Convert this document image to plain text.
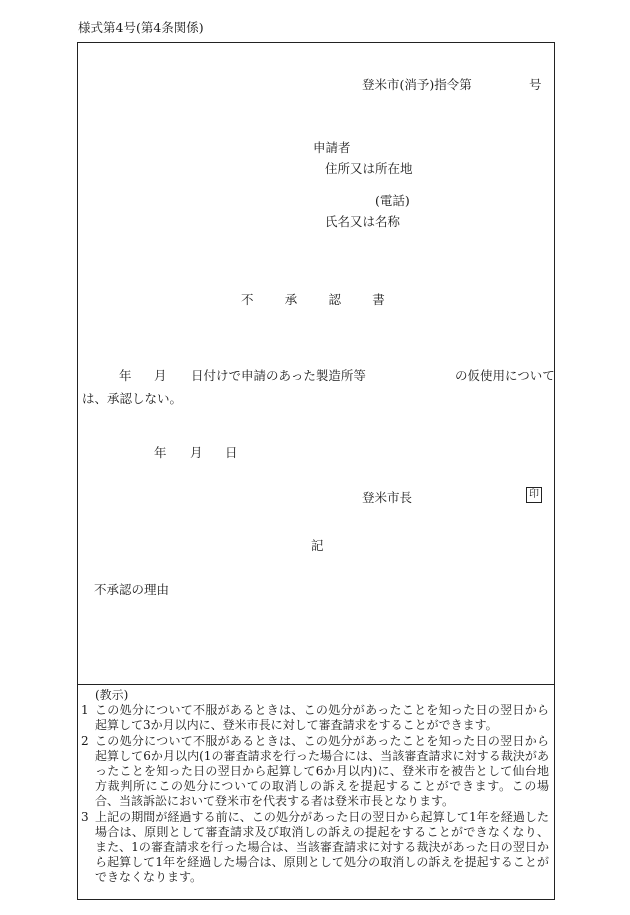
様式第4号(第4条関係)
登米市(消予)指令第	号
申請者
住所又は所在地
(電話)
氏名又は名称
不承認書
年 月 日付けで申請のあった製造所等	の仮使用について
は、承認しない。
年 月 日
登米市長	印
記
不承認の理由
(教示)
1 この処分について不服があるときは、この処分があったことを知った日の翌日から起算して3か月以内に、登米市長に対して審査請求をすることができます。
2 この処分について不服があるときは、この処分があったことを知った日の翌日から起算して6か月以内(1の審査請求を行った場合には、当該審査請求に対する裁決があったことを知った日の翌日から起算して6か月以内)に、登米市を被告として仙台地方裁判所にこの処分についての取消しの訴えを提起することができます。この場合、当該訴訟において登米市を代表する者は登米市長となります。
3 上記の期間が経過する前に、この処分があった日の翌日から起算して1年を経過した場合は、原則として審査請求及び取消しの訴えの提起をすることができなくなり、また、1の審査請求を行った場合は、当該審査請求に対する裁決があった日の翌日から起算して1年を経過した場合は、原則として処分の取消しの訴えを提起することができなくなります。
